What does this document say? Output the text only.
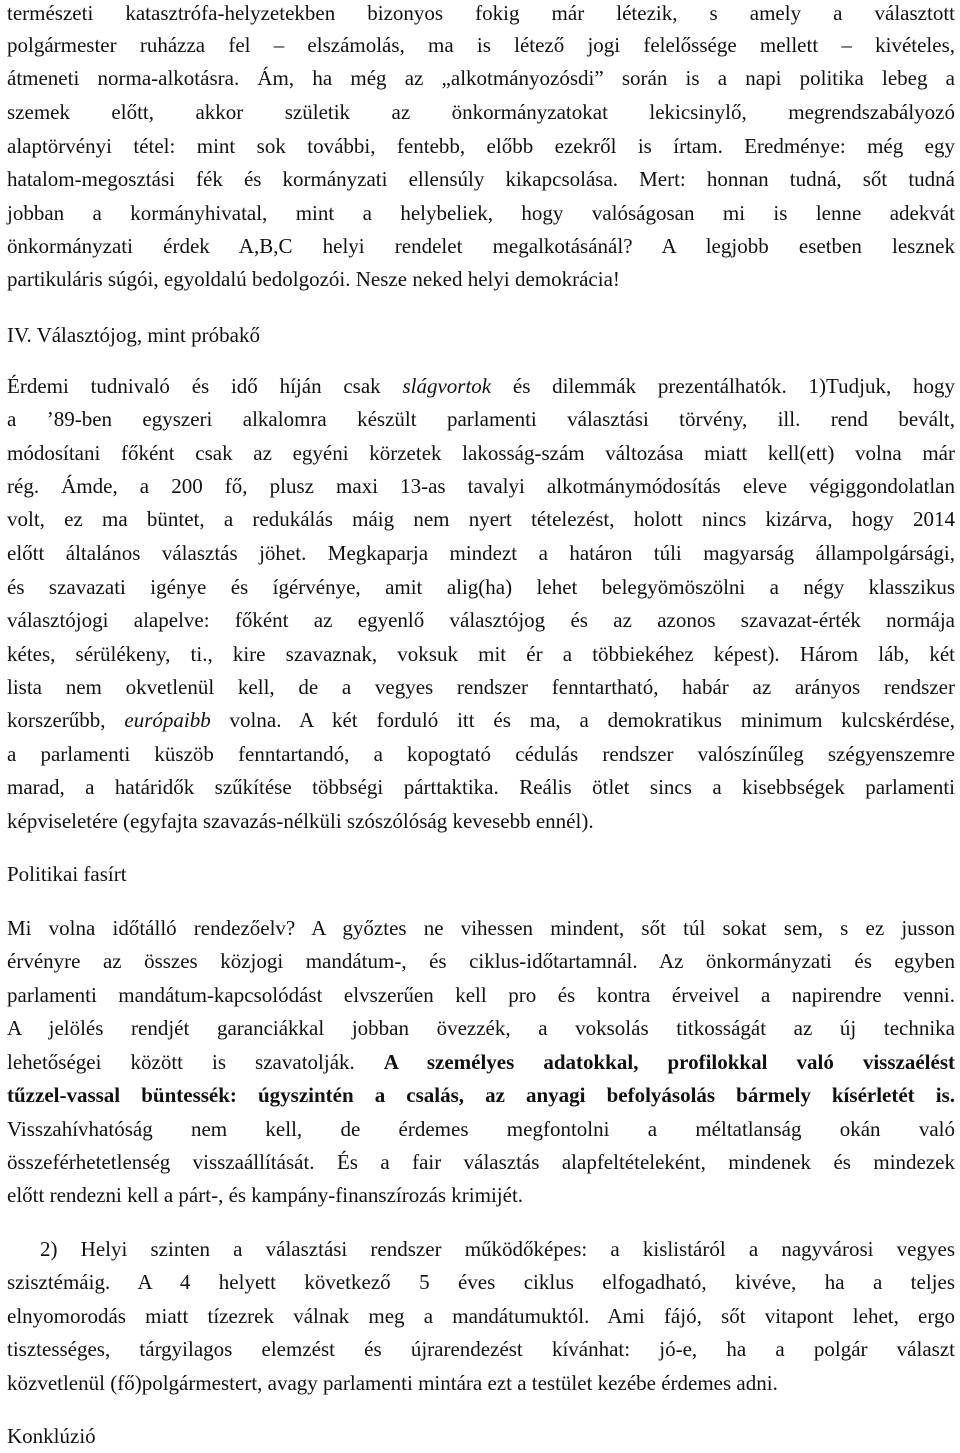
természeti katasztrófa-helyzetekben bizonyos fokig már létezik, s amely a választott
polgármester ruházza fel – elszámolás, ma is létező jogi felelőssége mellett – kivételes,
átmeneti norma-alkotásra. Ám, ha még az „alkotmányozósdi” során is a napi politika lebeg a
szemek előtt, akkor születik az önkormányzatokat lekicsinylő, megrendszabályozó
alaptörvényi tétel: mint sok további, fentebb, előbb ezekről is írtam. Eredménye: még egy
hatalom-megosztási fék és kormányzati ellensúly kikapcsolása. Mert: honnan tudná, sőt tudná
jobban a kormányhivatal, mint a helybeliek, hogy valóságosan mi is lenne adekvát
önkormányzati érdek A,B,C helyi rendelet megalkotásánál? A legjobb esetben lesznek
partikuláris súgói, egyoldalú bedolgozói. Nesze neked helyi demokrácia!
IV. Választójog, mint próbakő
Érdemi tudnivaló és idő híján csak slágvortok és dilemmák prezentálhatók. 1)Tudjuk, hogy
a ’89-ben egyszeri alkalomra készült parlamenti választási törvény, ill. rend bevált,
módosítani főként csak az egyéni körzetek lakosság-szám változása miatt kell(ett) volna már
rég. Ámde, a 200 fő, plusz maxi 13-as tavalyi alkotmánymódosítás eleve végiggondolatlan
volt, ez ma büntet, a redukálás máig nem nyert tételezést, holott nincs kizárva, hogy 2014
előtt általános választás jöhet. Megkaparja mindezt a határon túli magyarság állampolgársági,
és szavazati igénye és ígérvénye, amit alig(ha) lehet belegyömöszölni a négy klasszikus
választójogi alapelve: főként az egyenlő választójog és az azonos szavazat-érték normája
kétes, sérülékeny, ti., kire szavaznak, voksuk mit ér a többiekéhez képest). Három láb, két
lista nem okvetlenül kell, de a vegyes rendszer fenntartható, habár az arányos rendszer
korszerűbb, európaibb volna. A két forduló itt és ma, a demokratikus minimum kulcskérdése,
a parlamenti küszöb fenntartandó, a kopogtató cédulás rendszer valószínűleg szégyenszemre
marad, a határidők szűkítése többségi párttaktika. Reális ötlet sincs a kisebbségek parlamenti
képviseletére (egyfajta szavazás-nélküli szószólóság kevesebb ennél).
Politikai fasírt
Mi volna időtálló rendezőelv? A győztes ne vihessen mindent, sőt túl sokat sem, s ez jusson
érvényre az összes közjogi mandátum-, és ciklus-időtartamnál. Az önkormányzati és egyben
parlamenti mandátum-kapcsolódást elvszerűen kell pro és kontra érveivel a napirendre venni.
A jelölés rendjét garanciákkal jobban övezzék, a voksolás titkosságát az új technika
lehetőségei között is szavatolják. A személyes adatokkal, profilokkal való visszaélést
tűzzel-vassal büntessék: úgyszintén a csalás, az anyagi befolyásolás bármely kísérletét is.
Visszahívhatóság nem kell, de érdemes megfontolni a méltatlanság okán való
összeférhetetlenség visszaállítását. És a fair választás alapfeltételeként, mindenek és mindezek
előtt rendezni kell a párt-, és kampány-finanszírozás krimijét.
2) Helyi szinten a választási rendszer működőképes: a kislistáról a nagyvárosi vegyes
szisztémáig. A 4 helyett következő 5 éves ciklus elfogadható, kivéve, ha a teljes
elnyomorodás miatt tízezrek válnak meg a mandátumuktól. Ami fájó, sőt vitapont lehet, ergo
tisztességes, tárgyilagos elemzést és újrarendezést kívánhat: jó-e, ha a polgár választ
közvetlenül (fő)polgármestert, avagy parlamenti mintára ezt a testület kezébe érdemes adni.
Konklúzió
